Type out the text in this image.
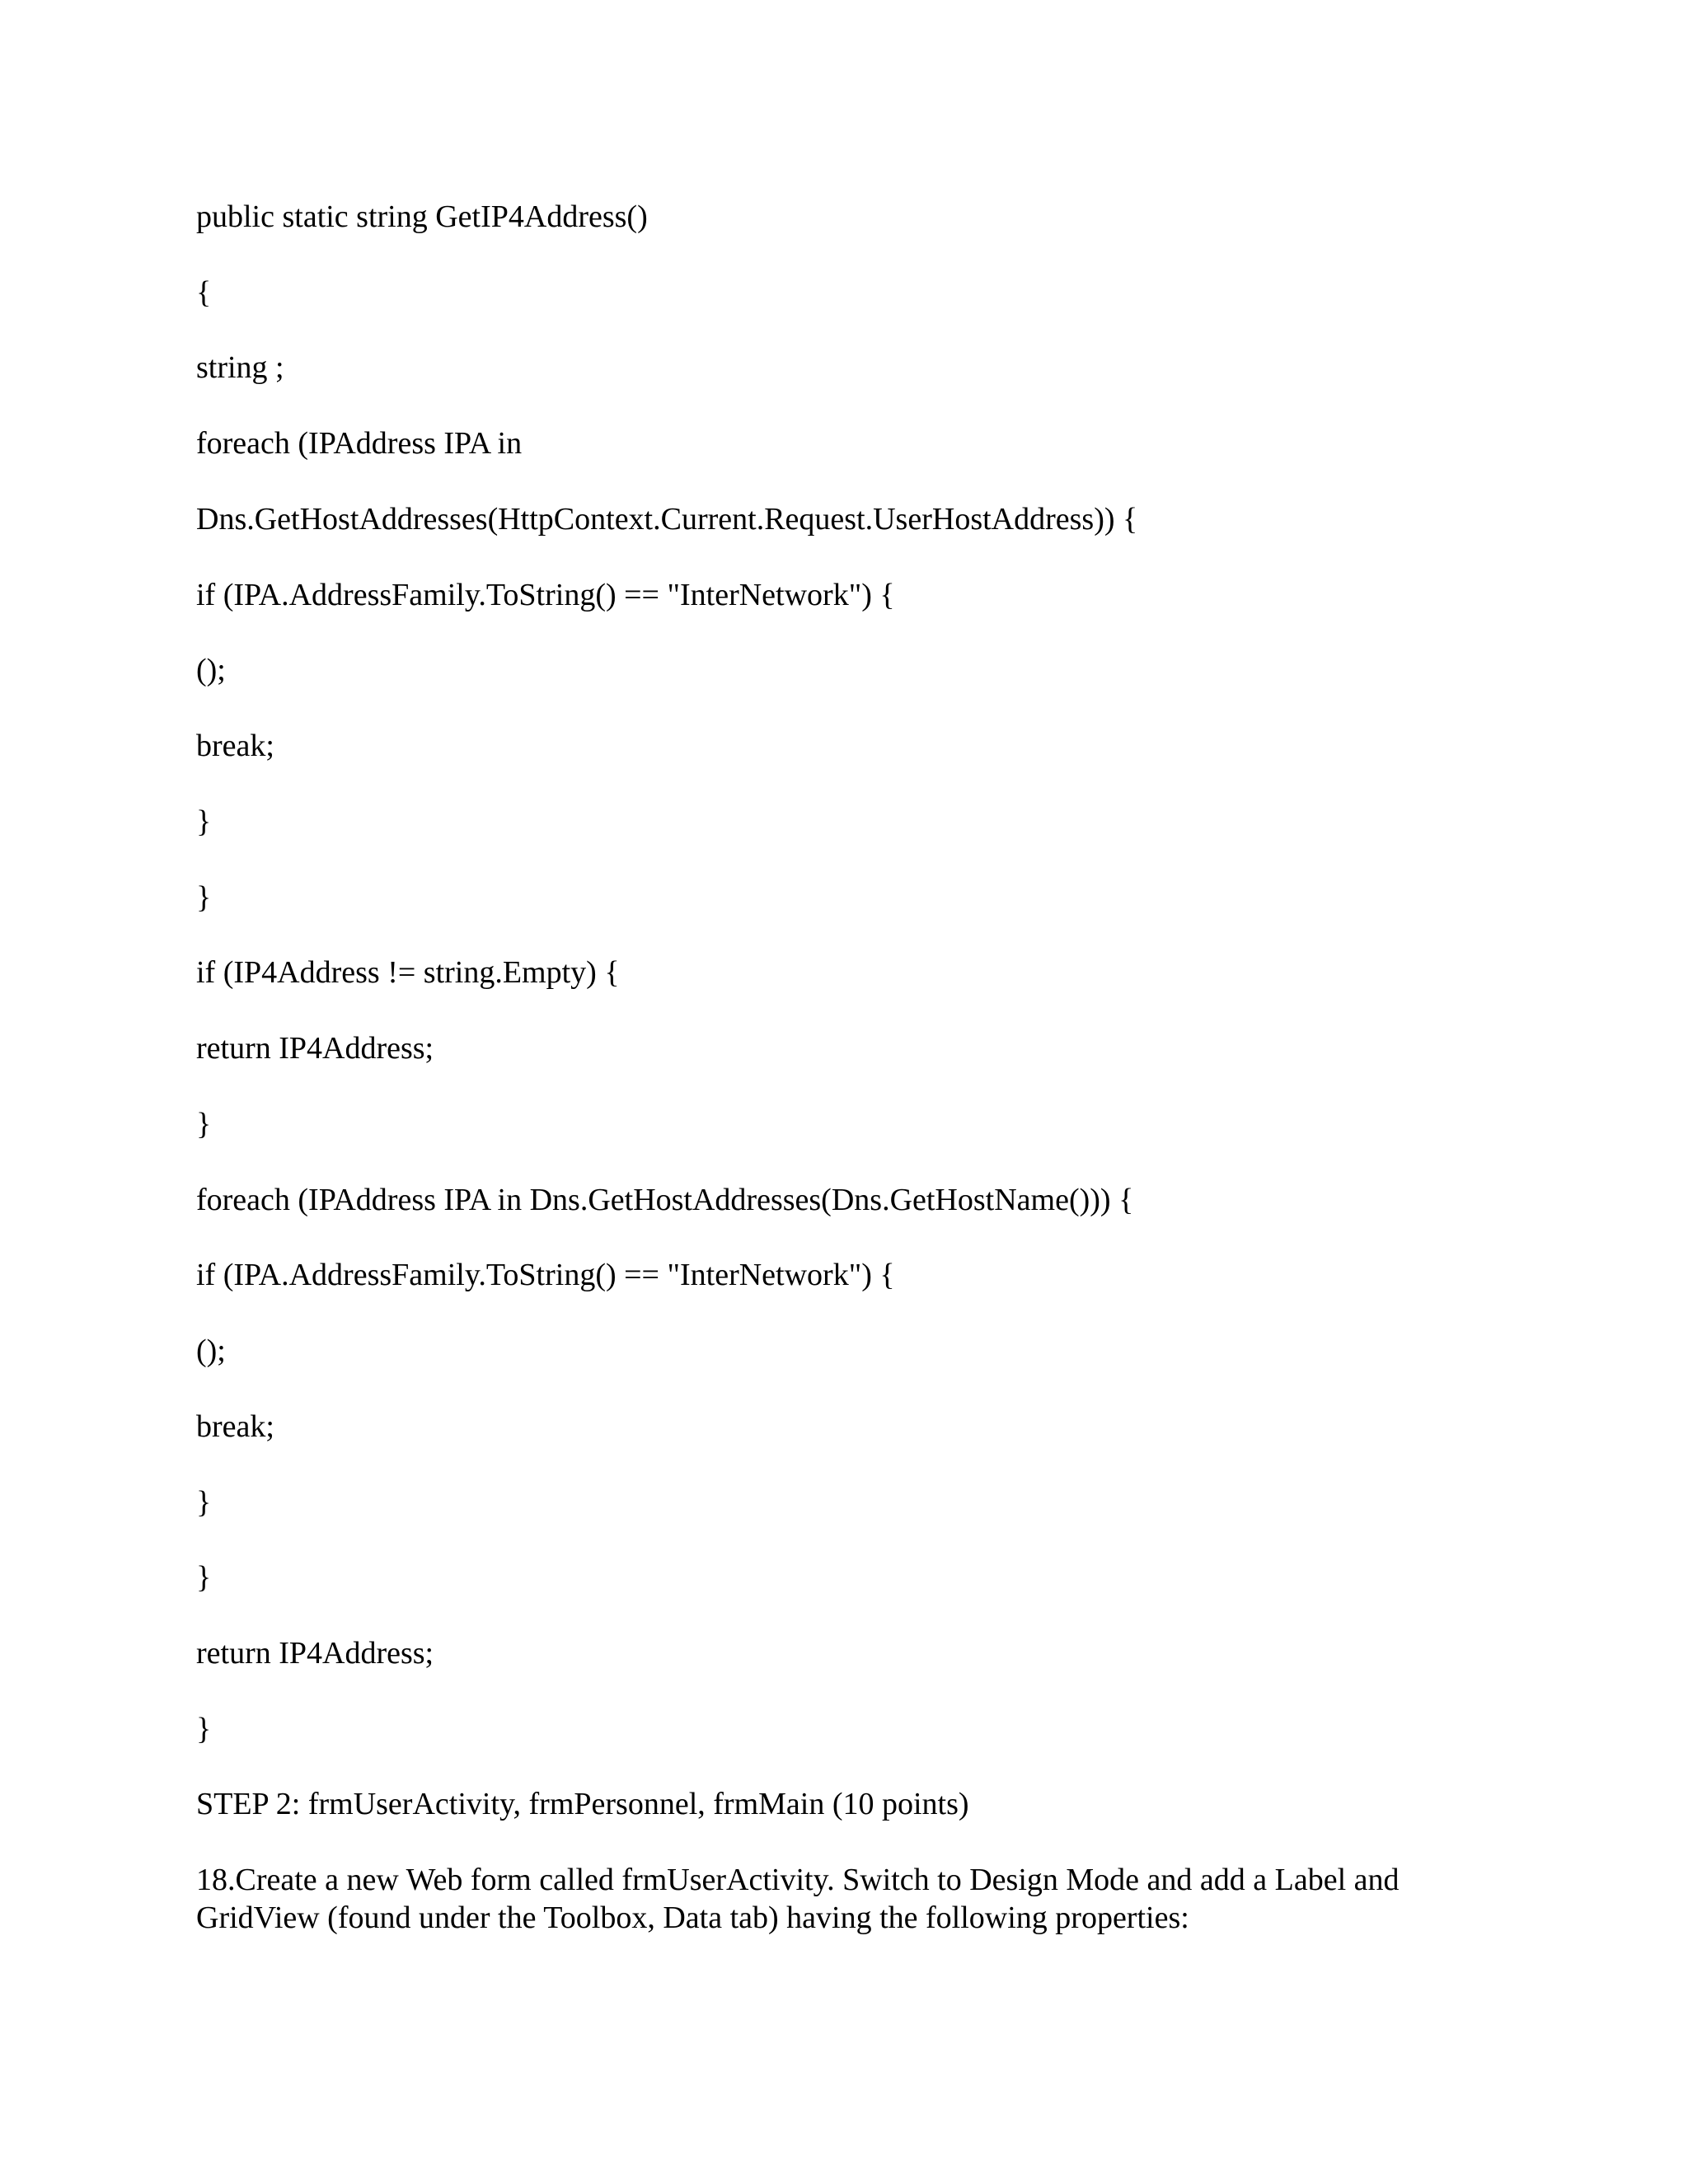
public static string GetIP4Address()
{
string ;
foreach (IPAddress IPA in
Dns.GetHostAddresses(HttpContext.Current.Request.UserHostAddress)) {
if (IPA.AddressFamily.ToString() == "InterNetwork") {
();
break;
}
}
if (IP4Address != string.Empty) {
return IP4Address;
}
foreach (IPAddress IPA in Dns.GetHostAddresses(Dns.GetHostName())) {
if (IPA.AddressFamily.ToString() == "InterNetwork") {
();
break;
}
}
return IP4Address;
}
STEP 2: frmUserActivity, frmPersonnel, frmMain (10 points)

18.Create a new Web form called frmUserActivity. Switch to Design Mode and add a Label and GridView (found under the Toolbox, Data tab) having the following properties:
